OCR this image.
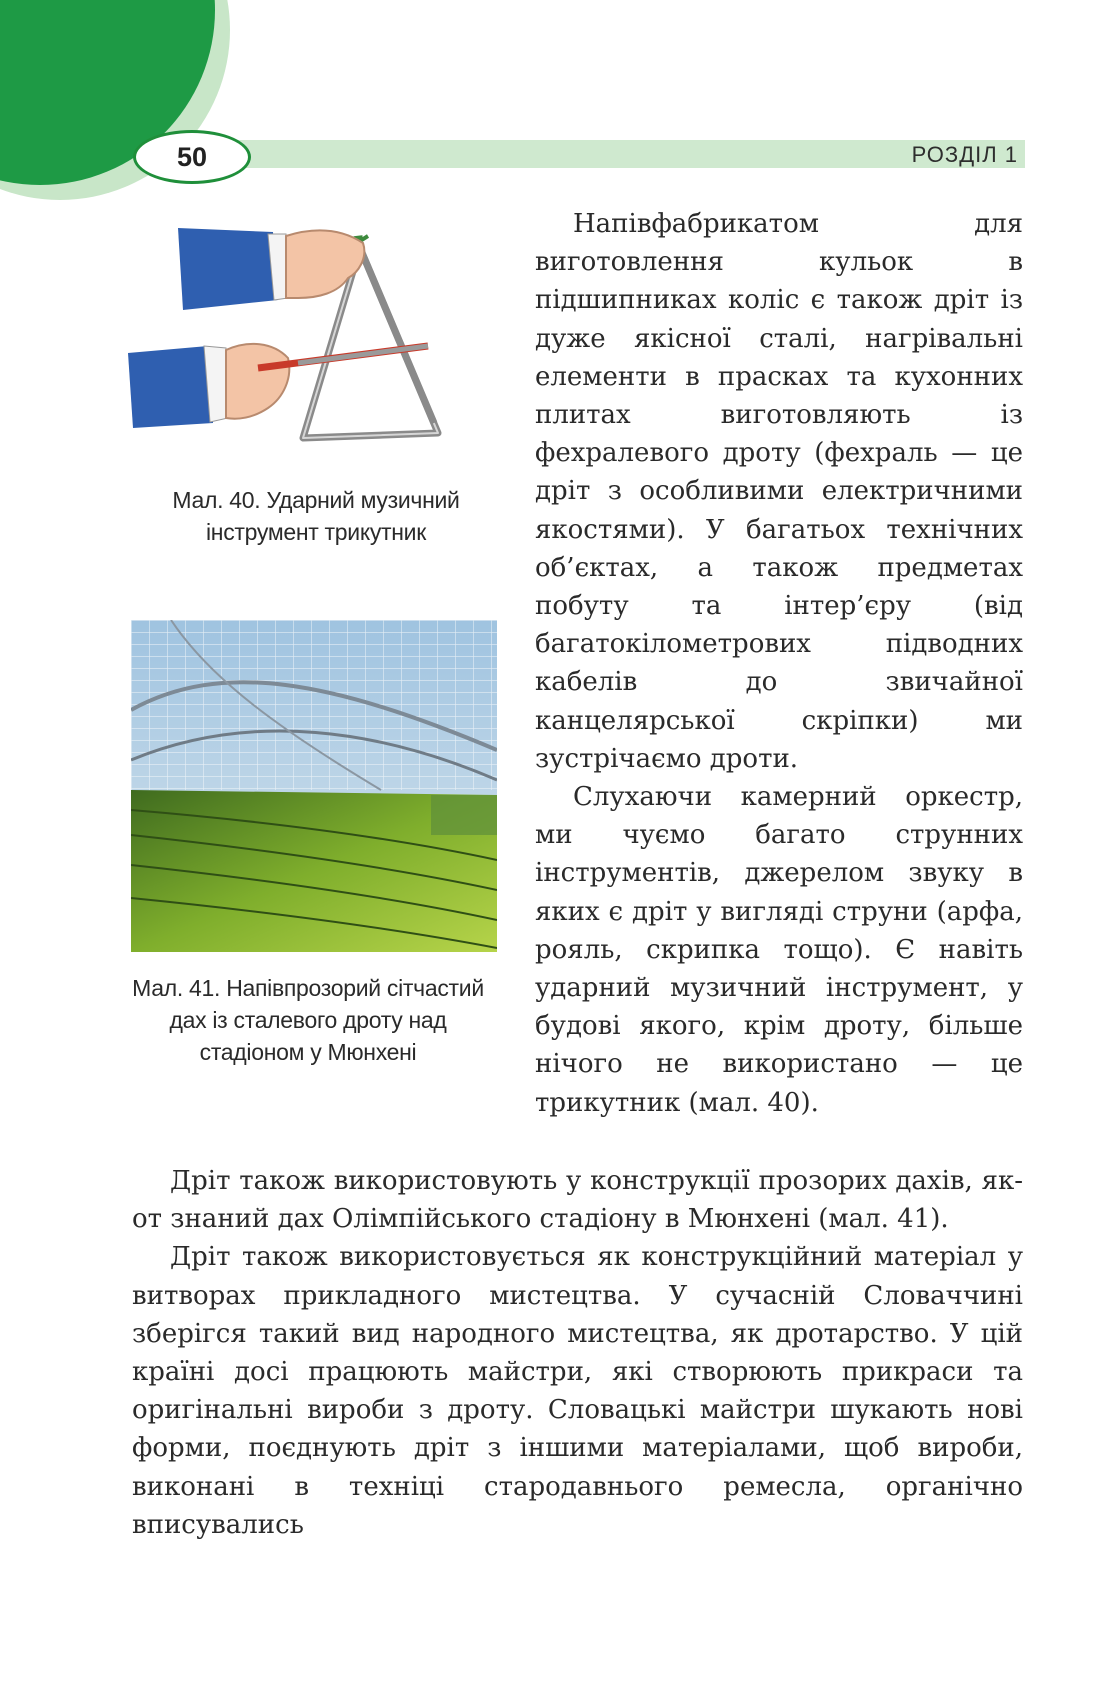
РОЗДІЛ 1
50
Мал. 40. Ударний музичний інструмент трикутник
Мал. 41. Напівпрозорий сітчастий дах із сталевого дроту над стадіоном у Мюнхені

Напівфабрикатом для виготовлення кульок в підшипниках коліс є також дріт із дуже якісної сталі, нагрівальні елементи в прасках та кухонних плитах виготовляють із фехралевого дроту (фехраль — це дріт з особливими електричними якостями). У багатьох технічних об’єктах, а також предметах побуту та інтер’єру (від багатокілометрових підводних кабелів до звичайної канцелярської скріпки) ми зустрічаємо дроти.

Слухаючи камерний оркестр, ми чуємо багато струнних інструментів, джерелом звуку в яких є дріт у вигляді струни (арфа, рояль, скрипка тощо). Є навіть ударний музичний інструмент, у будові якого, крім дроту, більше нічого не використано — це трикутник (мал. 40).

Дріт також використовують у конструкції прозорих дахів, як-от знаний дах Олімпійського стадіону в Мюнхені (мал. 41).

Дріт також використовується як конструкційний матеріал у витворах прикладного мистецтва. У сучасній Словаччині зберігся такий вид народного мистецтва, як дротарство. У цій країні досі працюють майстри, які створюють прикраси та оригінальні вироби з дроту. Словацькі майстри шукають нові форми, поєднують дріт з іншими матеріалами, щоб вироби, виконані в техніці стародавнього ремесла, органічно вписувались
